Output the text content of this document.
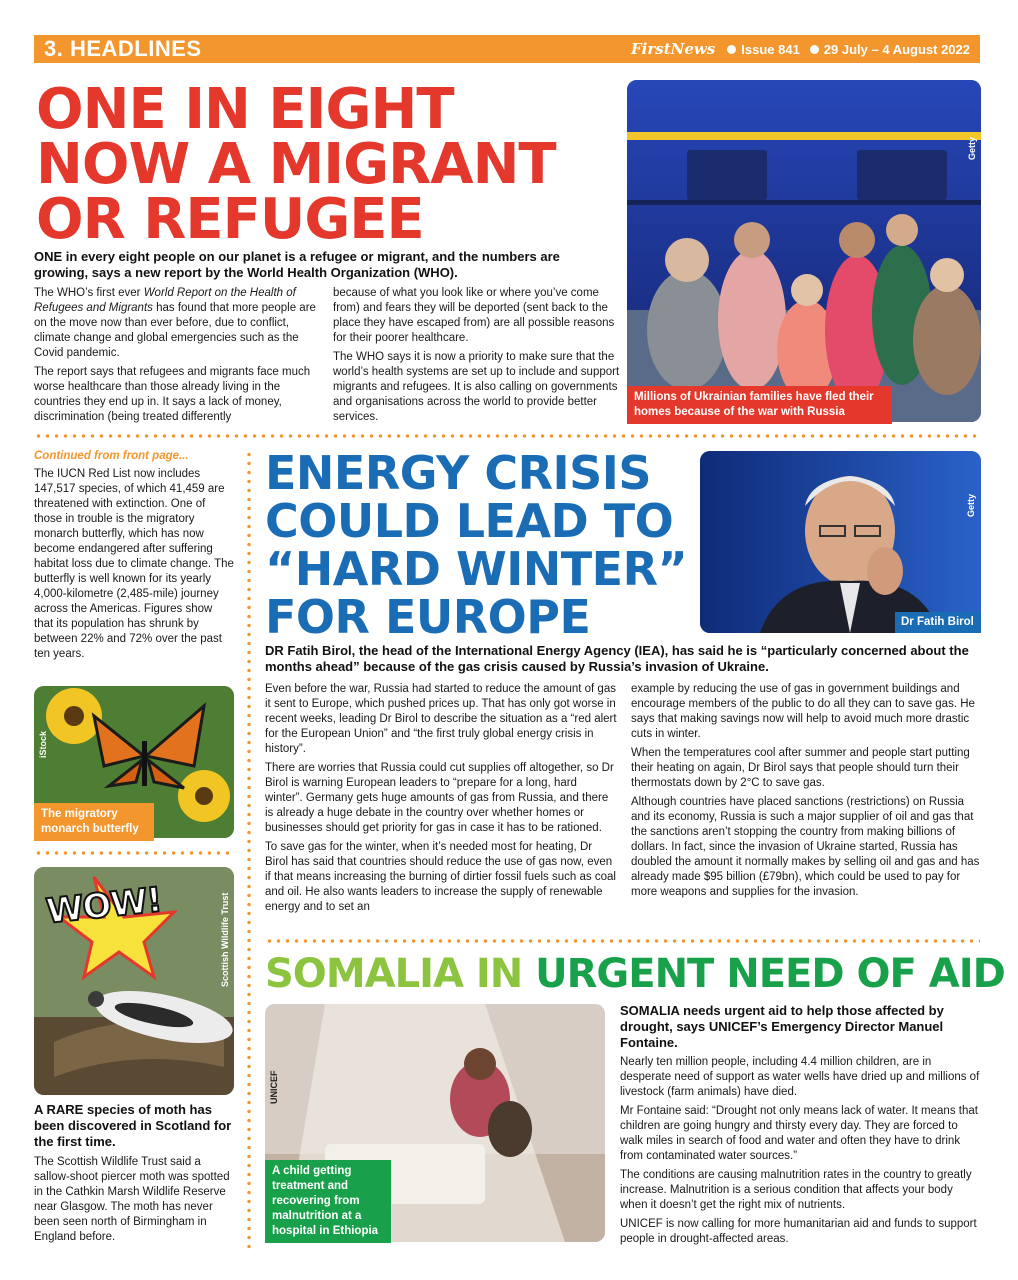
3. HEADLINES	FirstNews Issue 841 29 July – 4 August 2022
ONE IN EIGHT
NOW A MIGRANT
OR REFUGEE
ONE in every eight people on our planet is a refugee or migrant, and the numbers are growing, says a new report by the World Health Organization (WHO).

The WHO’s first ever World Report on the Health of Refugees and Migrants has found that more people are on the move now than ever before, due to conflict, climate change and global emergencies such as the Covid pandemic.

The report says that refugees and migrants face much worse healthcare than those already living in the countries they end up in. It says a lack of money, discrimination (being treated differently

because of what you look like or where you’ve come from) and fears they will be deported (sent back to the place they have escaped from) are all possible reasons for their poorer healthcare.

The WHO says it is now a priority to make sure that the world’s health systems are set up to include and support migrants and refugees. It is also calling on governments and organisations across the world to provide better services.

Getty
Millions of Ukrainian families have fled their homes because of the war with Russia
Continued from front page...
The IUCN Red List now includes 147,517 species, of which 41,459 are threatened with extinction. One of those in trouble is the migratory monarch butterfly, which has now become endangered after suffering habitat loss due to climate change. The butterfly is well known for its yearly 4,000-kilometre (2,485-mile) journey across the Americas. Figures show that its population has shrunk by between 22% and 72% over the past ten years.
iStock
The migratory monarch butterfly
WOW!	Scottish Wildlife Trust
A RARE species of moth has been discovered in Scotland for the first time.
The Scottish Wildlife Trust said a sallow-shoot piercer moth was spotted in the Cathkin Marsh Wildlife Reserve near Glasgow. The moth has never been seen north of Birmingham in England before.
ENERGY CRISIS
COULD LEAD TO
“HARD WINTER”
FOR EUROPE
Getty
Dr Fatih Birol
DR Fatih Birol, the head of the International Energy Agency (IEA), has said he is “particularly concerned about the months ahead” because of the gas crisis caused by Russia’s invasion of Ukraine.

Even before the war, Russia had started to reduce the amount of gas it sent to Europe, which pushed prices up. That has only got worse in recent weeks, leading Dr Birol to describe the situation as a “red alert for the European Union” and “the first truly global energy crisis in history”.

There are worries that Russia could cut supplies off altogether, so Dr Birol is warning European leaders to “prepare for a long, hard winter”. Germany gets huge amounts of gas from Russia, and there is already a huge debate in the country over whether homes or businesses should get priority for gas in case it has to be rationed.

To save gas for the winter, when it’s needed most for heating, Dr Birol has said that countries should reduce the use of gas now, even if that means increasing the burning of dirtier fossil fuels such as coal and oil. He also wants leaders to increase the supply of renewable energy and to set an

example by reducing the use of gas in government buildings and encourage members of the public to do all they can to save gas. He says that making savings now will help to avoid much more drastic cuts in winter.

When the temperatures cool after summer and people start putting their heating on again, Dr Birol says that people should turn their thermostats down by 2°C to save gas.

Although countries have placed sanctions (restrictions) on Russia and its economy, Russia is such a major supplier of oil and gas that the sanctions aren’t stopping the country from making billions of dollars. In fact, since the invasion of Ukraine started, Russia has doubled the amount it normally makes by selling oil and gas and has already made $95 billion (£79bn), which could be used to pay for more weapons and supplies for the invasion.

SOMALIA IN URGENT NEED OF AID
UNICEF
A child getting treatment and recovering from malnutrition at a hospital in Ethiopia
SOMALIA needs urgent aid to help those affected by drought, says UNICEF’s Emergency Director Manuel Fontaine.

Nearly ten million people, including 4.4 million children, are in desperate need of support as water wells have dried up and millions of livestock (farm animals) have died.

Mr Fontaine said: “Drought not only means lack of water. It means that children are going hungry and thirsty every day. They are forced to walk miles in search of food and water and often they have to drink from contaminated water sources.”

The conditions are causing malnutrition rates in the country to greatly increase. Malnutrition is a serious condition that affects your body when it doesn’t get the right mix of nutrients.

UNICEF is now calling for more humanitarian aid and funds to support people in drought-affected areas.
